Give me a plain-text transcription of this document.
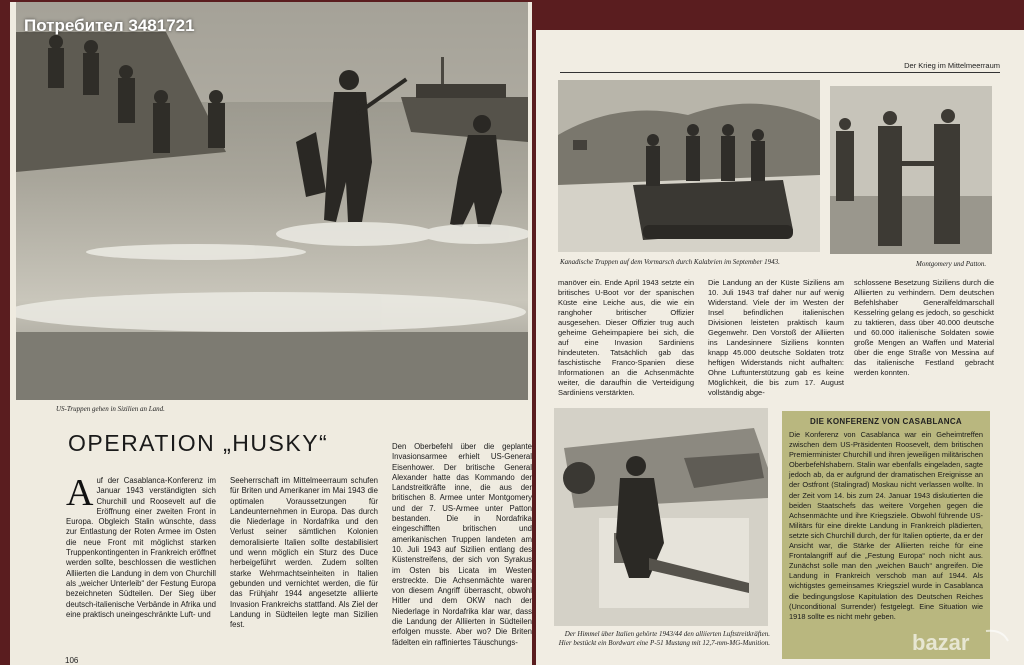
US-Truppen gehen in Sizilien an Land.
Потребител 3481721
OPERATION „HUSKY“
Auf der Casablanca-Konferenz im Januar 1943 verständigten sich Churchill und Roosevelt auf die Eröffnung einer zweiten Front in Europa. Obgleich Stalin wünschte, dass zur Entlastung der Roten Armee im Osten die neue Front mit möglichst starken Truppenkontingenten in Frankreich eröffnet werden sollte, beschlossen die westlichen Alliierten die Landung in dem von Churchill als „weicher Unterleib“ der Festung Europa bezeichneten Südteilen. Der Sieg über deutsch-italienische Verbände in Afrika und eine praktisch uneingeschränkte Luft- und
Seeherrschaft im Mittelmeerraum schufen für Briten und Amerikaner im Mai 1943 die optimalen Voraussetzungen für Landeunternehmen in Europa. Das durch die Niederlage in Nordafrika und den Verlust seiner sämtlichen Kolonien demoralisierte Italien sollte destabilisiert und wenn möglich ein Sturz des Duce herbeigeführt werden. Zudem sollten starke Wehrmachtseinheiten in Italien gebunden und vernichtet werden, die für das Frühjahr 1944 angesetzte alliierte Invasion Frankreichs stattfand. Als Ziel der Landung in Südteilen legte man Sizilien fest.
Den Oberbefehl über die geplante Invasionsarmee erhielt US-General Eisenhower. Der britische General Alexander hatte das Kommando der Landstreitkräfte inne, die aus der britischen 8. Armee unter Montgomery und der 7. US-Armee unter Patton bestanden. Die in Nordafrika eingeschifften britischen und amerikanischen Truppen landeten am 10. Juli 1943 auf Sizilien entlang des Küstenstreifens, der sich von Syrakus im Osten bis Licata im Westen erstreckte. Die Achsenmächte waren von diesem Angriff überrascht, obwohl Hitler und dem OKW nach der Niederlage in Nordafrika klar war, dass die Landung der Alliierten in Südteilen erfolgen musste. Aber wo? Die Briten fädelten ein raffiniertes Täuschungs-
106
Der Krieg im Mittelmeerraum
Kanadische Truppen auf dem Vormarsch durch Kalabrien im September 1943.	Montgomery und Patton.
manöver ein. Ende April 1943 setzte ein britisches U-Boot vor der spanischen Küste eine Leiche aus, die wie ein ranghoher britischer Offizier ausgesehen. Dieser Offizier trug auch geheime Geheimpapiere bei sich, die auf eine Invasion Sardiniens hindeuteten. Tatsächlich gab das faschistische Franco-Spanien diese Informationen an die Achsenmächte weiter, die daraufhin die Verteidigung Sardiniens verstärkten.
Die Landung an der Küste Siziliens am 10. Juli 1943 traf daher nur auf wenig Widerstand. Viele der im Westen der Insel befindlichen italienischen Divisionen leisteten praktisch kaum Gegenwehr. Den Vorstoß der Alliierten ins Landesinnere Siziliens konnten knapp 45.000 deutsche Soldaten trotz heftigen Widerstands nicht aufhalten: Ohne Luftunterstützung gab es keine Möglichkeit, die bis zum 17. August vollständig abge-
schlossene Besetzung Siziliens durch die Alliierten zu verhindern. Dem deutschen Befehlshaber Generalfeldmarschall Kesselring gelang es jedoch, so geschickt zu taktieren, dass über 40.000 deutsche und 60.000 italienische Soldaten sowie große Mengen an Waffen und Material über die enge Straße von Messina auf das italienische Festland gebracht werden konnten.
Der Himmel über Italien gehörte 1943/44 den alliierten Luftstreitkräften. Hier bestückt ein Bordwart eine P-51 Mustang mit 12,7-mm-MG-Munition.
DIE KONFERENZ VON CASABLANCA

Die Konferenz von Casablanca war ein Geheimtreffen zwischen dem US-Präsidenten Roosevelt, dem britischen Premierminister Churchill und ihren jeweiligen militärischen Oberbefehlshabern. Stalin war ebenfalls eingeladen, sagte jedoch ab, da er aufgrund der dramatischen Ereignisse an der Ostfront (Stalingrad) Moskau nicht verlassen wollte. In der Zeit vom 14. bis zum 24. Januar 1943 diskutierten die beiden Staatschefs das weitere Vorgehen gegen die Achsenmächte und ihre Kriegsziele. Obwohl führende US-Militärs für eine direkte Landung in Frankreich plädierten, setzte sich Churchill durch, der für Italien optierte, da er der Ansicht war, die Stärke der Alliierten reiche für eine Frontalangriff auf die „Festung Europa“ noch nicht aus. Zunächst solle man den „weichen Bauch“ angreifen. Die Landung in Frankreich verschob man auf 1944. Als wichtigstes gemeinsames Kriegsziel wurde in Casablanca die bedingungslose Kapitulation des Deutschen Reiches (Unconditional Surrender) festgelegt. Eine Situation wie 1918 sollte es nicht mehr geben.

bazar
